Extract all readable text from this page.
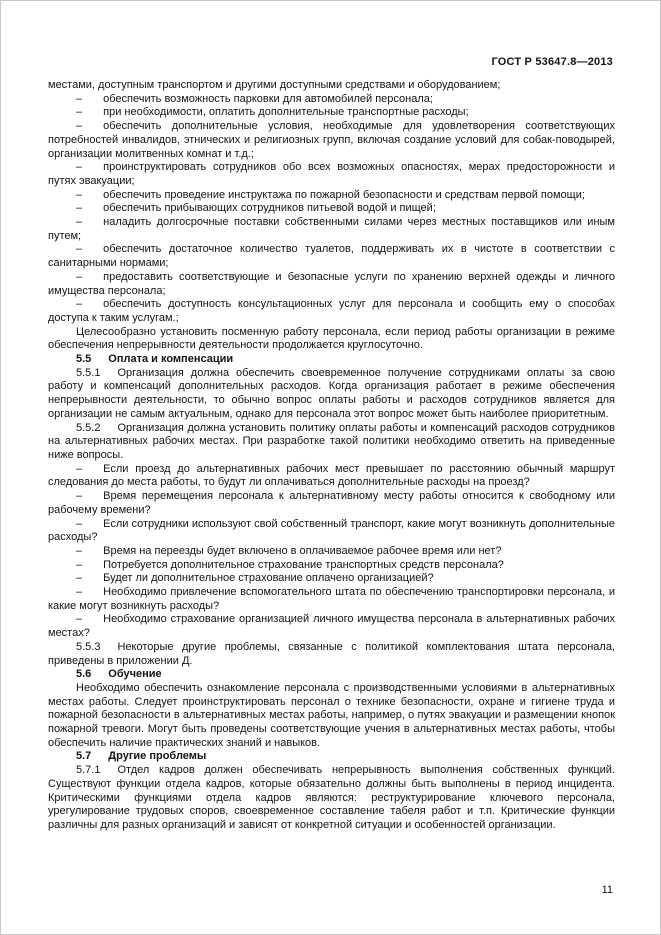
ГОСТ Р 53647.8—2013

местами, доступным транспортом и другими доступными средствами и оборудованием;

– обеспечить возможность парковки для автомобилей персонала;

– при необходимости, оплатить дополнительные транспортные расходы;

– обеспечить дополнительные условия, необходимые для удовлетворения соответствующих потребностей инвалидов, этнических и религиозных групп, включая создание условий для собак-поводырей, организации молитвенных комнат и т.д.;

– проинструктировать сотрудников обо всех возможных опасностях, мерах предосторожности и путях эвакуации;

– обеспечить проведение инструктажа по пожарной безопасности и средствам первой помощи;

– обеспечить прибывающих сотрудников питьевой водой и пищей;

– наладить долгосрочные поставки собственными силами через местных поставщиков или иным путем;

– обеспечить достаточное количество туалетов, поддерживать их в чистоте в соответствии с санитарными нормами;

– предоставить соответствующие и безопасные услуги по хранению верхней одежды и личного имущества персонала;

– обеспечить доступность консультационных услуг для персонала и сообщить ему о способах доступа к таким услугам.;

Целесообразно установить посменную работу персонала, если период работы организации в режиме обеспечения непрерывности деятельности продолжается круглосуточно.

5.5 Оплата и компенсации

5.5.1 Организация должна обеспечить своевременное получение сотрудниками оплаты за свою работу и компенсаций дополнительных расходов. Когда организация работает в режиме обеспечения непрерывности деятельности, то обычно вопрос оплаты работы и расходов сотрудников является для организации не самым актуальным, однако для персонала этот вопрос может быть наиболее приоритетным.

5.5.2 Организация должна установить политику оплаты работы и компенсаций расходов сотрудников на альтернативных рабочих местах. При разработке такой политики необходимо ответить на приведенные ниже вопросы.

– Если проезд до альтернативных рабочих мест превышает по расстоянию обычный маршрут следования до места работы, то будут ли оплачиваться дополнительные расходы на проезд?

– Время перемещения персонала к альтернативному месту работы относится к свободному или рабочему времени?

– Если сотрудники используют свой собственный транспорт, какие могут возникнуть дополнительные расходы?

– Время на переезды будет включено в оплачиваемое рабочее время или нет?

– Потребуется дополнительное страхование транспортных средств персонала?

– Будет ли дополнительное страхование оплачено организацией?

– Необходимо привлечение вспомогательного штата по обеспечению транспортировки персонала, и какие могут возникнуть расходы?

– Необходимо страхование организацией личного имущества персонала в альтернативных рабочих местах?

5.5.3 Некоторые другие проблемы, связанные с политикой комплектования штата персонала, приведены в приложении Д.

5.6 Обучение

Необходимо обеспечить ознакомление персонала с производственными условиями в альтернативных местах работы. Следует проинструктировать персонал о технике безопасности, охране и гигиене труда и пожарной безопасности в альтернативных местах работы, например, о путях эвакуации и размещении кнопок пожарной тревоги. Могут быть проведены соответствующие учения в альтернативных местах работы, чтобы обеспечить наличие практических знаний и навыков.

5.7 Другие проблемы

5.7.1 Отдел кадров должен обеспечивать непрерывность выполнения собственных функций. Существуют функции отдела кадров, которые обязательно должны быть выполнены в период инцидента. Критическими функциями отдела кадров являются: реструктурирование ключевого персонала, урегулирование трудовых споров, своевременное составление табеля работ и т.п. Критические функции различны для разных организаций и зависят от конкретной ситуации и особенностей организации.

11
